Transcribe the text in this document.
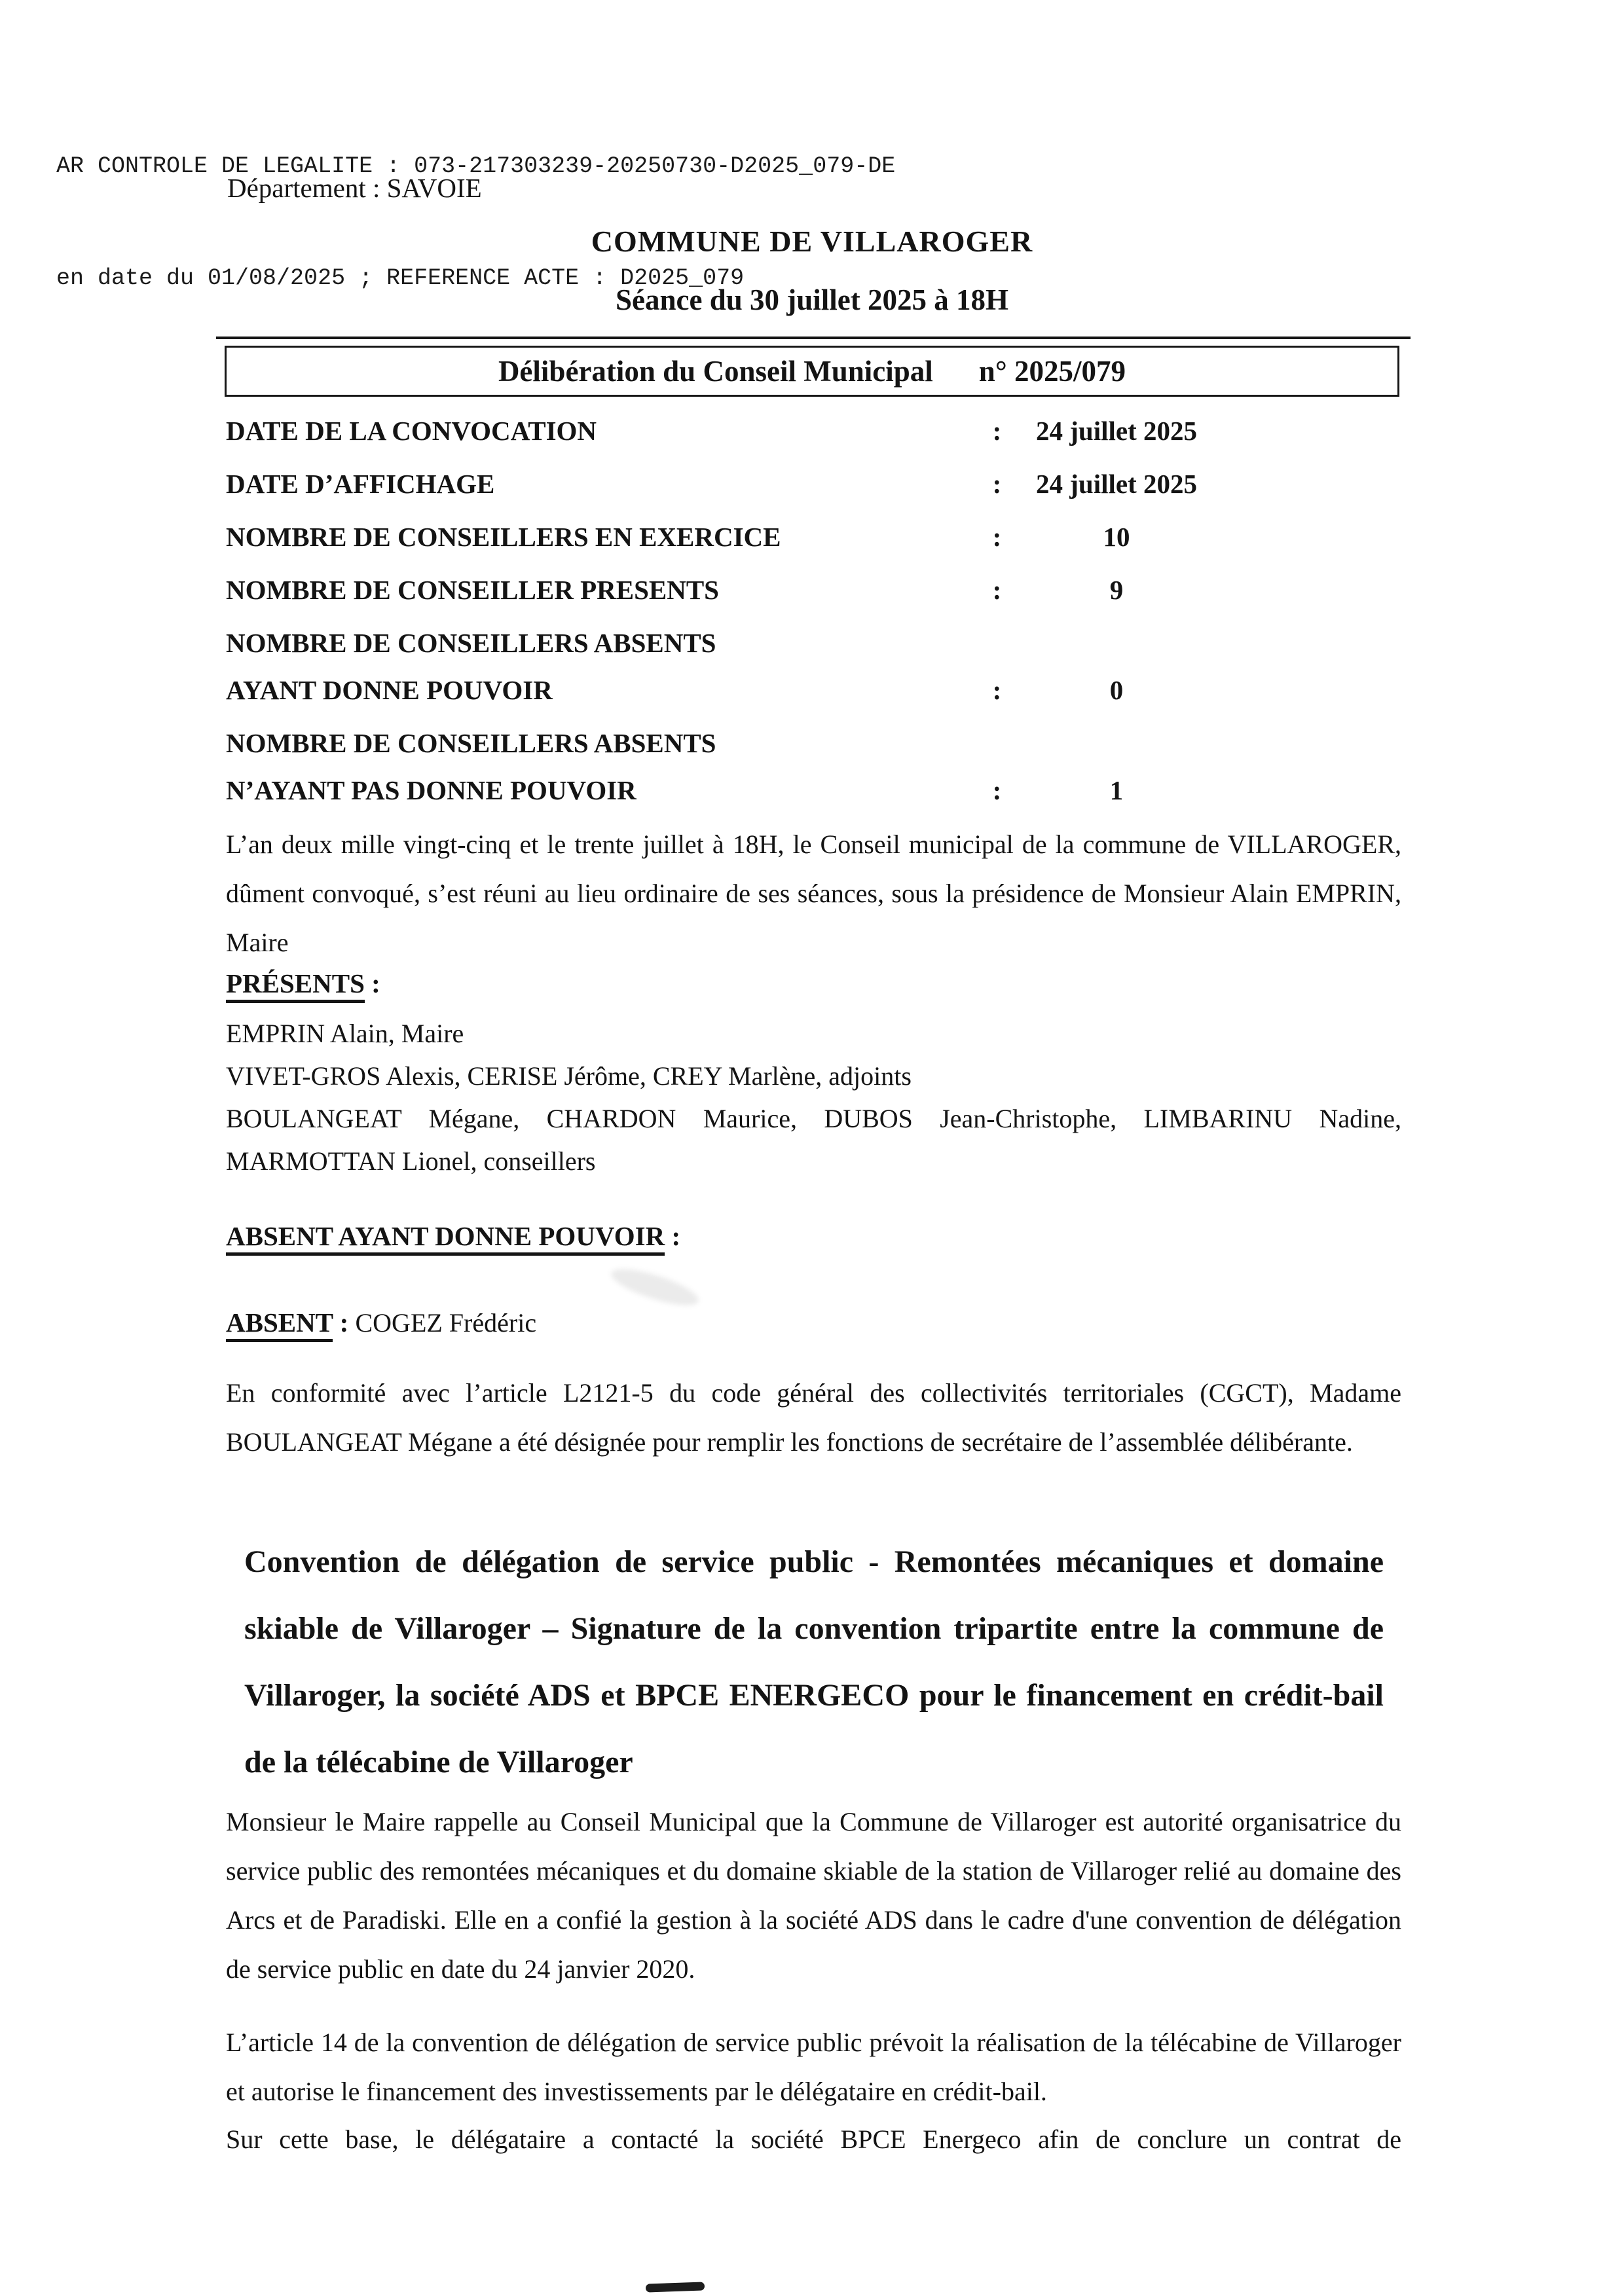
AR CONTROLE DE LEGALITE : 073-217303239-20250730-D2025_079-DE

en date du 01/08/2025 ; REFERENCE ACTE : D2025_079

Département : SAVOIE
COMMUNE DE VILLAROGER
Séance du 30 juillet 2025 à 18H
Délibération du Conseil Municipal n° 2025/079
DATE DE LA CONVOCATION	:	24 juillet 2025
DATE D’AFFICHAGE	:	24 juillet 2025
NOMBRE DE CONSEILLERS EN EXERCICE	:	10
NOMBRE DE CONSEILLER PRESENTS	:	9
NOMBRE DE CONSEILLERS ABSENTS
AYANT DONNE POUVOIR	:	0
NOMBRE DE CONSEILLERS ABSENTS
N’AYANT PAS DONNE POUVOIR	:	1
L’an deux mille vingt-cinq et le trente juillet à 18H, le Conseil municipal de la commune de VILLAROGER, dûment convoqué, s’est réuni au lieu ordinaire de ses séances, sous la présidence de Monsieur Alain EMPRIN, Maire
PRÉSENTS :
EMPRIN Alain, Maire
VIVET-GROS Alexis, CERISE Jérôme, CREY Marlène, adjoints
BOULANGEAT Mégane, CHARDON Maurice, DUBOS Jean-Christophe, LIMBARINU Nadine,
MARMOTTAN Lionel, conseillers
ABSENT AYANT DONNE POUVOIR :
ABSENT : COGEZ Frédéric
En conformité avec l’article L2121-5 du code général des collectivités territoriales (CGCT), Madame BOULANGEAT Mégane a été désignée pour remplir les fonctions de secrétaire de l’assemblée délibérante.
Convention de délégation de service public - Remontées mécaniques et domaine skiable de Villaroger – Signature de la convention tripartite entre la commune de Villaroger, la société ADS et BPCE ENERGECO pour le financement en crédit-bail de la télécabine de Villaroger
Monsieur le Maire rappelle au Conseil Municipal que la Commune de Villaroger est autorité organisatrice du service public des remontées mécaniques et du domaine skiable de la station de Villaroger relié au domaine des Arcs et de Paradiski. Elle en a confié la gestion à la société ADS dans le cadre d'une convention de délégation de service public en date du 24 janvier 2020.
L’article 14 de la convention de délégation de service public prévoit la réalisation de la télécabine de Villaroger et autorise le financement des investissements par le délégataire en crédit-bail.
Sur cette base, le délégataire a contacté la société BPCE Energeco afin de conclure un contrat de
